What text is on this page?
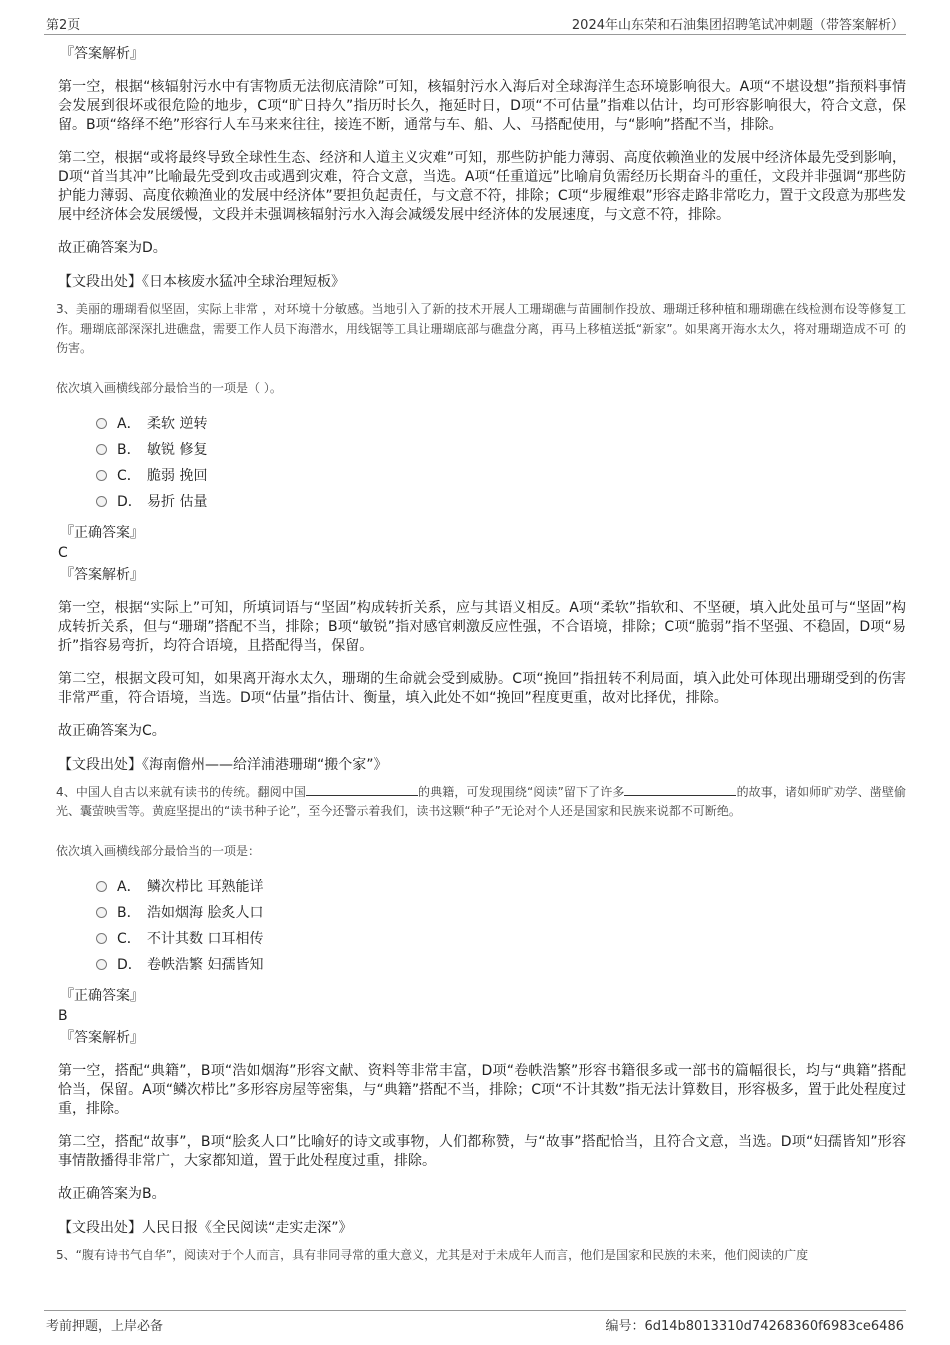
第2页	2024年山东荣和石油集团招聘笔试冲刺题（带答案解析）
『答案解析』

第一空，根据“核辐射污水中有害物质无法彻底清除”可知，核辐射污水入海后对全球海洋生态环境影响很大。A项“不堪设想”指预料事情会发展到很坏或很危险的地步，C项“旷日持久”指历时长久，拖延时日，D项“不可估量”指难以估计，均可形容影响很大，符合文意，保留。B项“络绎不绝”形容行人车马来来往往，接连不断，通常与车、船、人、马搭配使用，与“影响”搭配不当，排除。

第二空，根据“或将最终导致全球性生态、经济和人道主义灾难”可知，那些防护能力薄弱、高度依赖渔业的发展中经济体最先受到影响，D项“首当其冲”比喻最先受到攻击或遇到灾难，符合文意，当选。A项“任重道远”比喻肩负需经历长期奋斗的重任，文段并非强调“那些防护能力薄弱、高度依赖渔业的发展中经济体”要担负起责任，与文意不符，排除；C项“步履维艰”形容走路非常吃力，置于文段意为那些发展中经济体会发展缓慢，文段并未强调核辐射污水入海会减缓发展中经济体的发展速度，与文意不符，排除。

故正确答案为D。

【文段出处】《日本核废水猛冲全球治理短板》

3、美丽的珊瑚看似坚固，实际上非常 ，对环境十分敏感。当地引入了新的技术开展人工珊瑚礁与苗圃制作投放、珊瑚迁移种植和珊瑚礁在线检测布设等修复工作。珊瑚底部深深扎进礁盘，需要工作人员下海潜水，用线锯等工具让珊瑚底部与礁盘分离，再马上移植送抵“新家”。如果离开海水太久，将对珊瑚造成不可 的伤害。

依次填入画横线部分最恰当的一项是（ ）。

A． 柔软 逆转
B． 敏锐 修复
C． 脆弱 挽回
D． 易折 估量
『正确答案』
C
『答案解析』

第一空，根据“实际上”可知，所填词语与“坚固”构成转折关系，应与其语义相反。A项“柔软”指软和、不坚硬，填入此处虽可与“坚固”构成转折关系，但与“珊瑚”搭配不当，排除；B项“敏锐”指对感官刺激反应性强，不合语境，排除；C项“脆弱”指不坚强、不稳固，D项“易折”指容易弯折，均符合语境，且搭配得当，保留。

第二空，根据文段可知，如果离开海水太久，珊瑚的生命就会受到威胁。C项“挽回”指扭转不利局面，填入此处可体现出珊瑚受到的伤害非常严重，符合语境，当选。D项“估量”指估计、衡量，填入此处不如“挽回”程度更重，故对比择优，排除。

故正确答案为C。

【文段出处】《海南儋州——给洋浦港珊瑚“搬个家”》

4、中国人自古以来就有读书的传统。翻阅中国	的典籍，可发现围绕“阅读”留下了许多	的故事，诸如师旷劝学、凿壁偷光、囊萤映雪等。黄庭坚提出的“读书种子论”，至今还警示着我们，读书这颗“种子”无论对个人还是国家和民族来说都不可断绝。

依次填入画横线部分最恰当的一项是：

A． 鳞次栉比 耳熟能详
B． 浩如烟海 脍炙人口
C． 不计其数 口耳相传
D． 卷帙浩繁 妇孺皆知
『正确答案』
B
『答案解析』

第一空，搭配“典籍”，B项“浩如烟海”形容文献、资料等非常丰富，D项“卷帙浩繁”形容书籍很多或一部书的篇幅很长，均与“典籍”搭配恰当，保留。A项“鳞次栉比”多形容房屋等密集，与“典籍”搭配不当，排除；C项“不计其数”指无法计算数目，形容极多，置于此处程度过重，排除。

第二空，搭配“故事”，B项“脍炙人口”比喻好的诗文或事物，人们都称赞，与“故事”搭配恰当，且符合文意，当选。D项“妇孺皆知”形容事情散播得非常广，大家都知道，置于此处程度过重，排除。

故正确答案为B。

【文段出处】人民日报《全民阅读“走实走深”》

5、“腹有诗书气自华”，阅读对于个人而言，具有非同寻常的重大意义，尤其是对于未成年人而言，他们是国家和民族的未来，他们阅读的广度

考前押题，上岸必备	编号：6d14b8013310d74268360f6983ce6486
